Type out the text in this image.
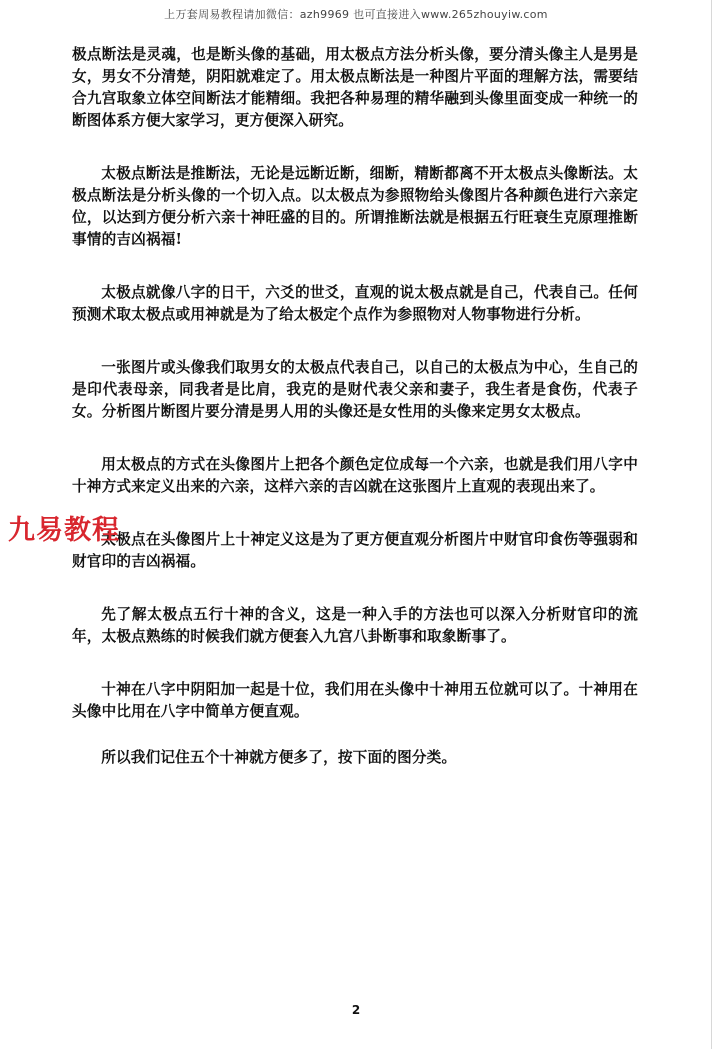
上万套周易教程请加微信：azh9969 也可直接进入www.265zhouyiw.com

极点断法是灵魂，也是断头像的基础，用太极点方法分析头像，要分清头像主人是男是女，男女不分清楚，阴阳就难定了。用太极点断法是一种图片平面的理解方法，需要结合九宫取象立体空间断法才能精细。我把各种易理的精华融到头像里面变成一种统一的断图体系方便大家学习，更方便深入研究。

太极点断法是推断法，无论是远断近断，细断，精断都离不开太极点头像断法。太极点断法是分析头像的一个切入点。以太极点为参照物给头像图片各种颜色进行六亲定位，以达到方便分析六亲十神旺盛的目的。所谓推断法就是根据五行旺衰生克原理推断事情的吉凶祸福!

太极点就像八字的日干，六爻的世爻，直观的说太极点就是自己，代表自己。任何预测术取太极点或用神就是为了给太极定个点作为参照物对人物事物进行分析。

一张图片或头像我们取男女的太极点代表自己，以自己的太极点为中心，生自己的是印代表母亲，同我者是比肩，我克的是财代表父亲和妻子，我生者是食伤，代表子女。分析图片断图片要分清是男人用的头像还是女性用的头像来定男女太极点。

用太极点的方式在头像图片上把各个颜色定位成每一个六亲，也就是我们用八字中十神方式来定义出来的六亲，这样六亲的吉凶就在这张图片上直观的表现出来了。

太极点在头像图片上十神定义这是为了更方便直观分析图片中财官印食伤等强弱和财官印的吉凶祸福。

先了解太极点五行十神的含义，这是一种入手的方法也可以深入分析财官印的流年，太极点熟练的时候我们就方便套入九宫八卦断事和取象断事了。

十神在八字中阴阳加一起是十位，我们用在头像中十神用五位就可以了。十神用在头像中比用在八字中简单方便直观。

所以我们记住五个十神就方便多了，按下面的图分类。

九易教程
2
